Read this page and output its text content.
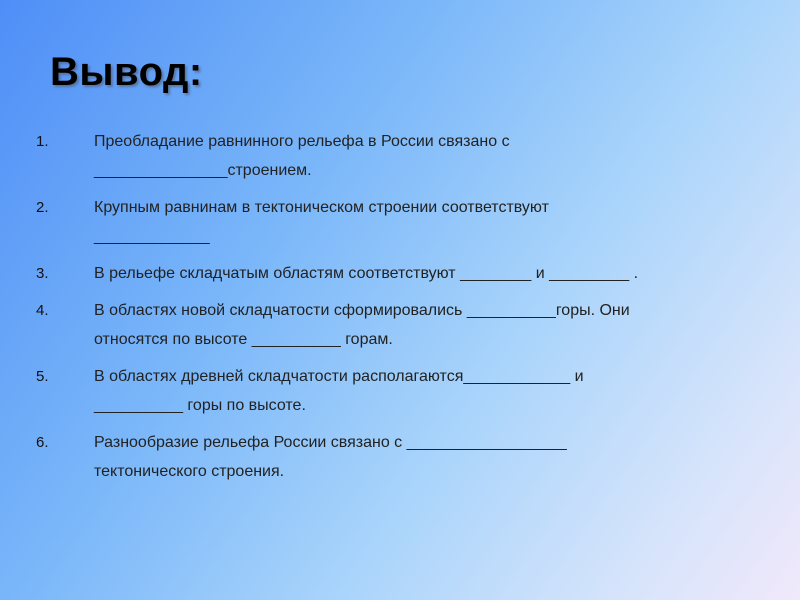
Вывод:
1.	Преобладание равнинного рельефа в России связано с
_______________строением.
2.	Крупным равнинам в тектоническом строении соответствуют
_____________
3.	В рельефе складчатым областям соответствуют ________ и _________ .
4.	В областях новой складчатости сформировались __________горы. Они
относятся по высоте __________ горам.
5.	В областях древней складчатости располагаются____________ и
__________ горы по высоте.
6.	Разнообразие рельефа России связано с __________________
тектонического строения.
